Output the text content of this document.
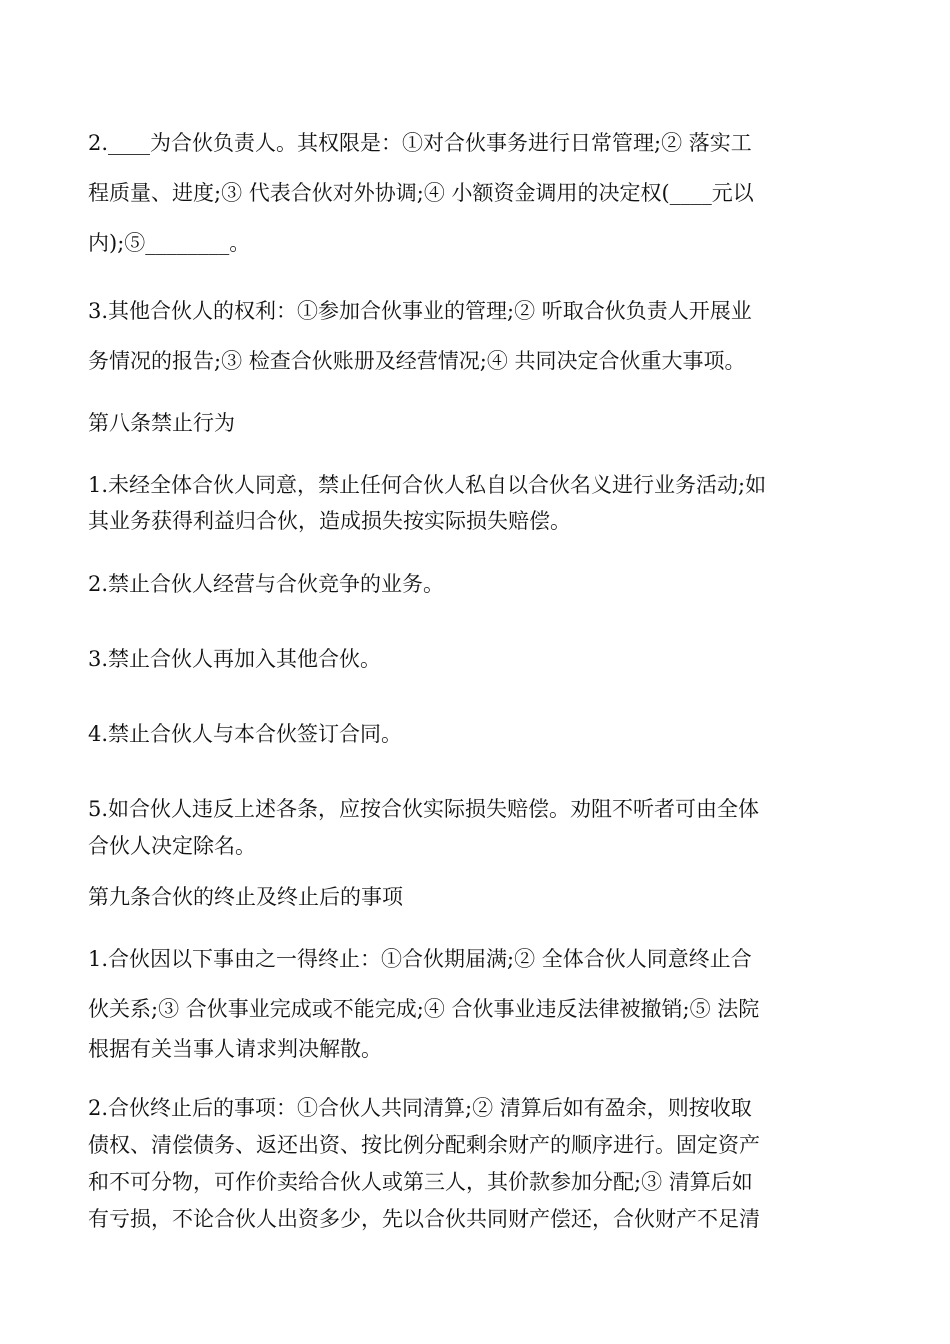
2.____为合伙负责人。其权限是：①对合伙事务进行日常管理;② 落实工
程质量、进度;③ 代表合伙对外协调;④ 小额资金调用的决定权(____元以
内);⑤________。

3.其他合伙人的权利：①参加合伙事业的管理;② 听取合伙负责人开展业
务情况的报告;③ 检查合伙账册及经营情况;④ 共同决定合伙重大事项。

第八条禁止行为

1.未经全体合伙人同意，禁止任何合伙人私自以合伙名义进行业务活动;如
其业务获得利益归合伙，造成损失按实际损失赔偿。

2.禁止合伙人经营与合伙竞争的业务。

3.禁止合伙人再加入其他合伙。

4.禁止合伙人与本合伙签订合同。

5.如合伙人违反上述各条，应按合伙实际损失赔偿。劝阻不听者可由全体
合伙人决定除名。

第九条合伙的终止及终止后的事项

1.合伙因以下事由之一得终止：①合伙期届满;② 全体合伙人同意终止合
伙关系;③ 合伙事业完成或不能完成;④ 合伙事业违反法律被撤销;⑤ 法院
根据有关当事人请求判决解散。

2.合伙终止后的事项：①合伙人共同清算;② 清算后如有盈余，则按收取
债权、清偿债务、返还出资、按比例分配剩余财产的顺序进行。固定资产
和不可分物，可作价卖给合伙人或第三人，其价款参加分配;③ 清算后如
有亏损，不论合伙人出资多少，先以合伙共同财产偿还，合伙财产不足清
